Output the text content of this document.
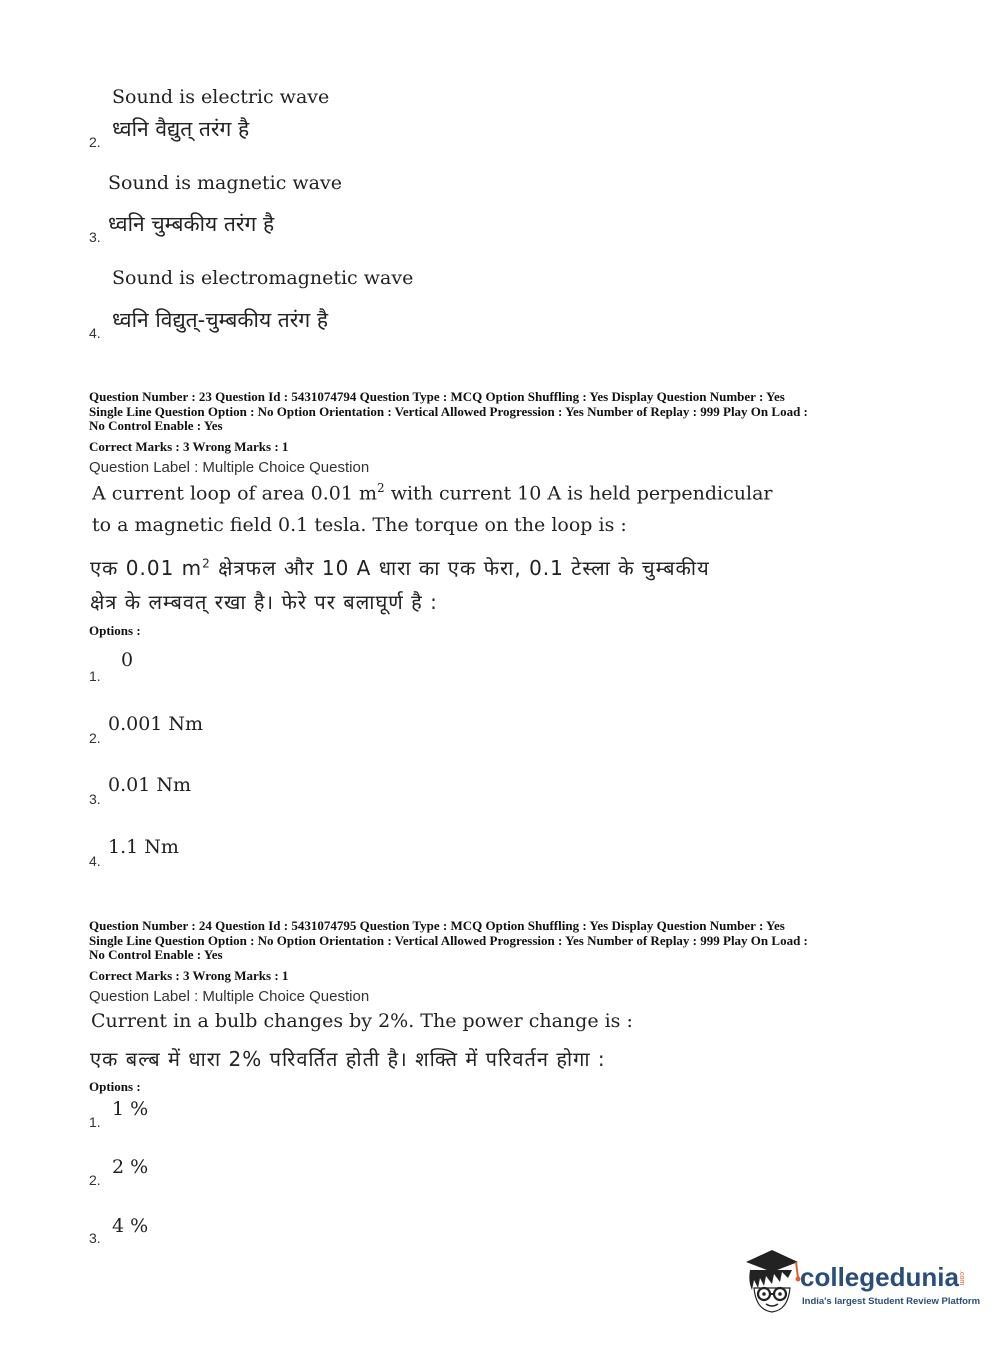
Sound is electric wave
ध्वनि वैद्युत् तरंग है
2.
Sound is magnetic wave
ध्वनि चुम्बकीय तरंग है
3.
Sound is electromagnetic wave
ध्वनि विद्युत्-चुम्बकीय तरंग है
4.
Question Number : 23 Question Id : 5431074794 Question Type : MCQ Option Shuffling : Yes Display Question Number : Yes
Single Line Question Option : No Option Orientation : Vertical Allowed Progression : Yes Number of Replay : 999 Play On Load :
No Control Enable : Yes
Correct Marks : 3 Wrong Marks : 1
Question Label : Multiple Choice Question
A current loop of area 0.01 $m^2$ with current 10 A is held perpendicular
to a magnetic field 0.1 tesla. The torque on the loop is :
एक 0.01 $m^2$ क्षेत्रफल और 10 A धारा का एक फेरा, 0.1 टेस्ला के चुम्बकीय
क्षेत्र के लम्बवत् रखा है। फेरे पर बलाघूर्ण है :
Options :
0
1.
0.001 Nm
2.
0.01 Nm
3.
1.1 Nm
4.
Question Number : 24 Question Id : 5431074795 Question Type : MCQ Option Shuffling : Yes Display Question Number : Yes
Single Line Question Option : No Option Orientation : Vertical Allowed Progression : Yes Number of Replay : 999 Play On Load :
No Control Enable : Yes
Correct Marks : 3 Wrong Marks : 1
Question Label : Multiple Choice Question
Current in a bulb changes by 2%. The power change is :
एक बल्ब में धारा 2% परिवर्तित होती है। शक्ति में परिवर्तन होगा :
Options :
1 %
1.
2 %
2.
4 %
3.
collegedunia .com
India's largest Student Review Platform
